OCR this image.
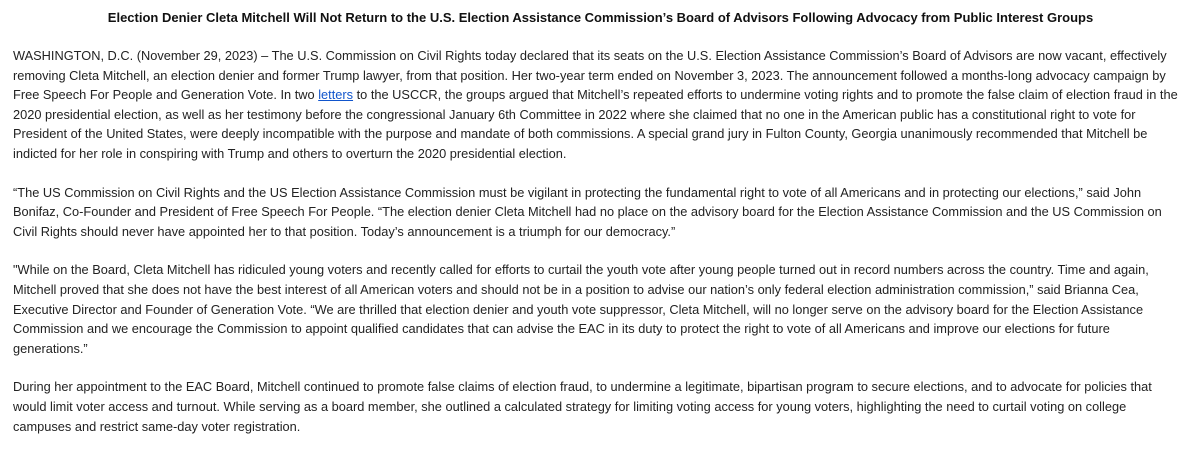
Election Denier Cleta Mitchell Will Not Return to the U.S. Election Assistance Commission’s Board of Advisors Following Advocacy from Public Interest Groups

WASHINGTON, D.C. (November 29, 2023) – The U.S. Commission on Civil Rights today declared that its seats on the U.S. Election Assistance Commission’s Board of Advisors are now vacant, effectively removing Cleta Mitchell, an election denier and former Trump lawyer, from that position. Her two-year term ended on November 3, 2023. The announcement followed a months-long advocacy campaign by Free Speech For People and Generation Vote. In two letters to the USCCR, the groups argued that Mitchell’s repeated efforts to undermine voting rights and to promote the false claim of election fraud in the 2020 presidential election, as well as her testimony before the congressional January 6th Committee in 2022 where she claimed that no one in the American public has a constitutional right to vote for President of the United States, were deeply incompatible with the purpose and mandate of both commissions. A special grand jury in Fulton County, Georgia unanimously recommended that Mitchell be indicted for her role in conspiring with Trump and others to overturn the 2020 presidential election.

“The US Commission on Civil Rights and the US Election Assistance Commission must be vigilant in protecting the fundamental right to vote of all Americans and in protecting our elections,” said John Bonifaz, Co-Founder and President of Free Speech For People. “The election denier Cleta Mitchell had no place on the advisory board for the Election Assistance Commission and the US Commission on Civil Rights should never have appointed her to that position. Today’s announcement is a triumph for our democracy.”

"While on the Board, Cleta Mitchell has ridiculed young voters and recently called for efforts to curtail the youth vote after young people turned out in record numbers across the country. Time and again, Mitchell proved that she does not have the best interest of all American voters and should not be in a position to advise our nation’s only federal election administration commission,” said Brianna Cea, Executive Director and Founder of Generation Vote. “We are thrilled that election denier and youth vote suppressor, Cleta Mitchell, will no longer serve on the advisory board for the Election Assistance Commission and we encourage the Commission to appoint qualified candidates that can advise the EAC in its duty to protect the right to vote of all Americans and improve our elections for future generations.”

During her appointment to the EAC Board, Mitchell continued to promote false claims of election fraud, to undermine a legitimate, bipartisan program to secure elections, and to advocate for policies that would limit voter access and turnout. While serving as a board member, she outlined a calculated strategy for limiting voting access for young voters, highlighting the need to curtail voting on college campuses and restrict same-day voter registration.
